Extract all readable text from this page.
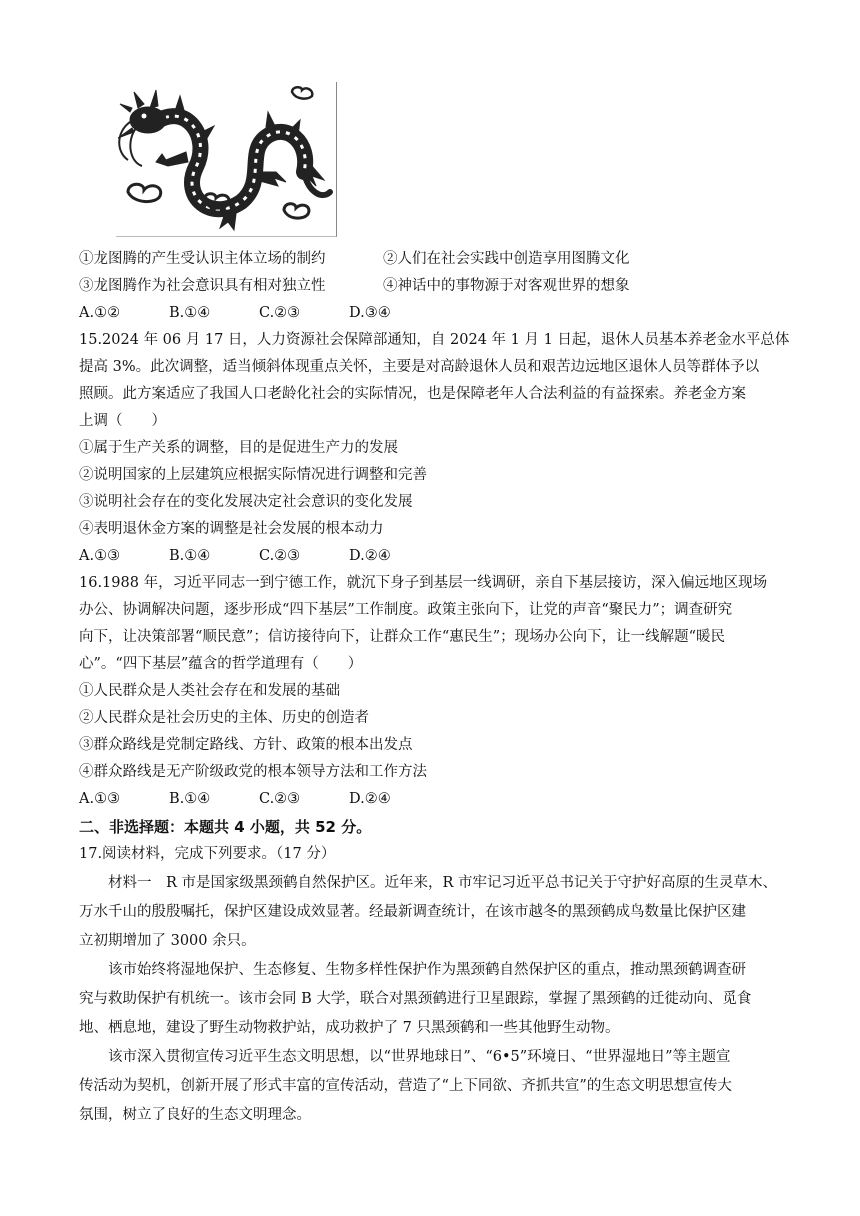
①龙图腾的产生受认识主体立场的制约	②人们在社会实践中创造享用图腾文化
③龙图腾作为社会意识具有相对独立性	④神话中的事物源于对客观世界的想象
A.①②	B.①④	C.②③	D.③④
15.2024 年 06 月 17 日，人力资源社会保障部通知，自 2024 年 1 月 1 日起，退休人员基本养老金水平总体
提高 3%。此次调整，适当倾斜体现重点关怀，主要是对高龄退休人员和艰苦边远地区退休人员等群体予以
照顾。此方案适应了我国人口老龄化社会的实际情况，也是保障老年人合法利益的有益探索。养老金方案
上调（　　）
①属于生产关系的调整，目的是促进生产力的发展
②说明国家的上层建筑应根据实际情况进行调整和完善
③说明社会存在的变化发展决定社会意识的变化发展
④表明退休金方案的调整是社会发展的根本动力
A.①③	B.①④	C.②③	D.②④
16.1988 年，习近平同志一到宁德工作，就沉下身子到基层一线调研，亲自下基层接访，深入偏远地区现场
办公、协调解决问题，逐步形成“四下基层”工作制度。政策主张向下，让党的声音“聚民力”；调查研究
向下，让决策部署“顺民意”；信访接待向下，让群众工作“惠民生”；现场办公向下，让一线解题“暖民
心”。“四下基层”蕴含的哲学道理有（　　）
①人民群众是人类社会存在和发展的基础
②人民群众是社会历史的主体、历史的创造者
③群众路线是党制定路线、方针、政策的根本出发点
④群众路线是无产阶级政党的根本领导方法和工作方法
A.①③	B.①④	C.②③	D.②④
二、非选择题：本题共 4 小题，共 52 分。
17.阅读材料，完成下列要求。（17 分）
材料一　R 市是国家级黑颈鹤自然保护区。近年来，R 市牢记习近平总书记关于守护好高原的生灵草木、
万水千山的殷殷嘱托，保护区建设成效显著。经最新调查统计，在该市越冬的黑颈鹤成鸟数量比保护区建
立初期增加了 3000 余只。
该市始终将湿地保护、生态修复、生物多样性保护作为黑颈鹤自然保护区的重点，推动黑颈鹤调查研
究与救助保护有机统一。该市会同 B 大学，联合对黑颈鹤进行卫星跟踪，掌握了黑颈鹤的迁徙动向、觅食
地、栖息地，建设了野生动物救护站，成功救护了 7 只黑颈鹤和一些其他野生动物。
该市深入贯彻宣传习近平生态文明思想，以“世界地球日”、“6•5”环境日、“世界湿地日”等主题宣
传活动为契机，创新开展了形式丰富的宣传活动，营造了“上下同欲、齐抓共宣”的生态文明思想宣传大
氛围，树立了良好的生态文明理念。
